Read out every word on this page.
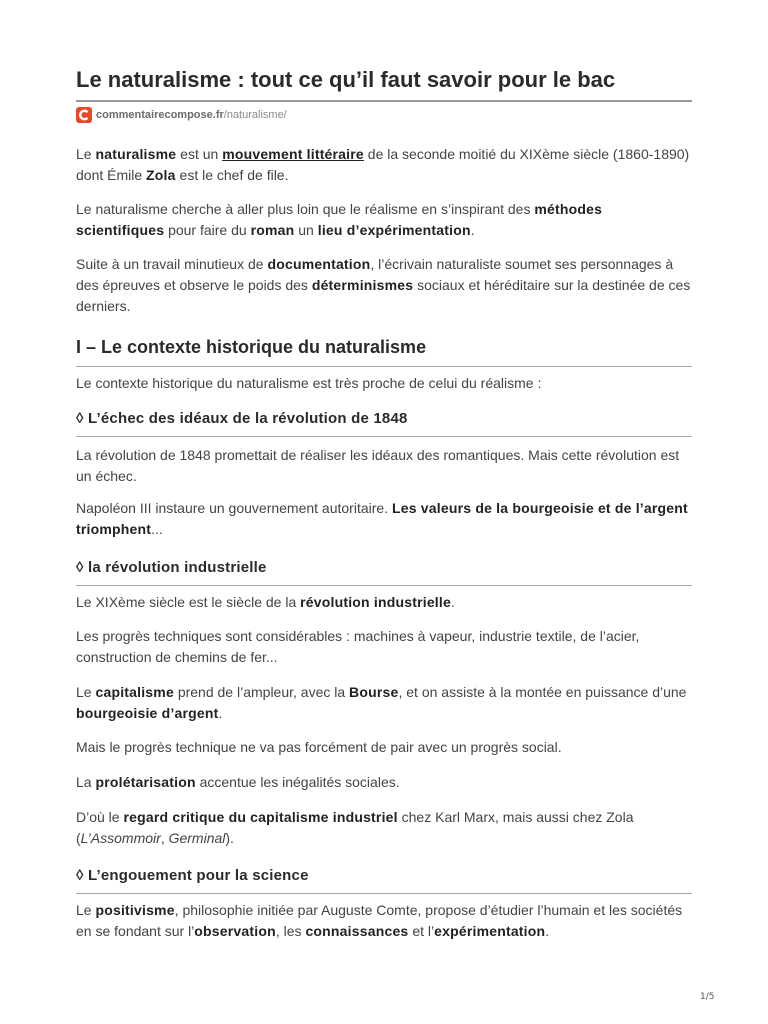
Le naturalisme : tout ce qu’il faut savoir pour le bac
commentairecompose.fr /naturalisme/

Le naturalisme est un mouvement littéraire de la seconde moitié du XIXème siècle (1860-1890) dont Émile Zola est le chef de file.

Le naturalisme cherche à aller plus loin que le réalisme en s’inspirant des méthodes scientifiques pour faire du roman un lieu d’expérimentation.

Suite à un travail minutieux de documentation, l’écrivain naturaliste soumet ses personnages à des épreuves et observe le poids des déterminismes sociaux et héréditaire sur la destinée de ces derniers.

I – Le contexte historique du naturalisme

Le contexte historique du naturalisme est très proche de celui du réalisme :

◊ L’échec des idéaux de la révolution de 1848

La révolution de 1848 promettait de réaliser les idéaux des romantiques. Mais cette révolution est un échec.

Napoléon III instaure un gouvernement autoritaire. Les valeurs de la bourgeoisie et de l’argent triomphent...

◊ la révolution industrielle

Le XIXème siècle est le siècle de la révolution industrielle.

Les progrès techniques sont considérables : machines à vapeur, industrie textile, de l’acier, construction de chemins de fer...

Le capitalisme prend de l’ampleur, avec la Bourse, et on assiste à la montée en puissance d’une bourgeoisie d’argent.

Mais le progrès technique ne va pas forcément de pair avec un progrès social.

La prolétarisation accentue les inégalités sociales.

D’où le regard critique du capitalisme industriel chez Karl Marx, mais aussi chez Zola (L’Assommoir, Germinal).

◊ L’engouement pour la science

Le positivisme, philosophie initiée par Auguste Comte, propose d’étudier l’humain et les sociétés en se fondant sur l’observation, les connaissances et l’expérimentation.

1/5
